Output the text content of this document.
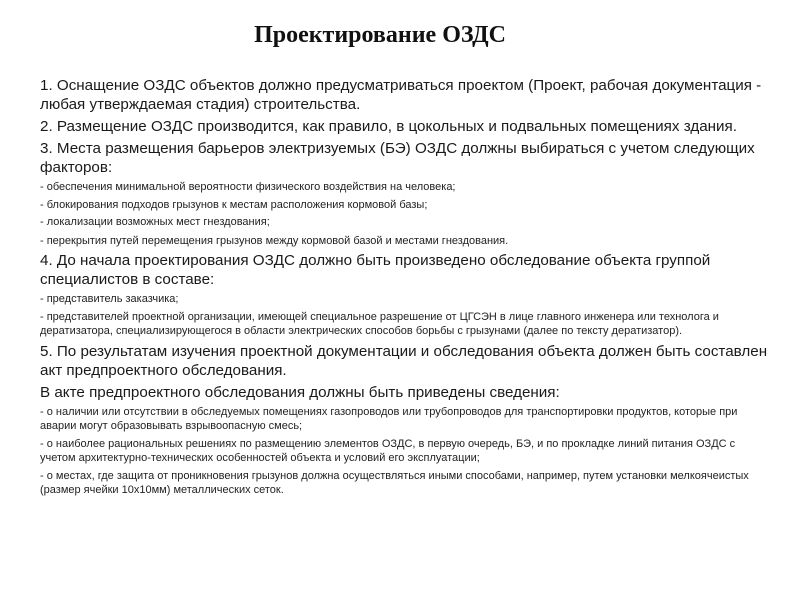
Проектирование ОЗДС

1. Оснащение ОЗДС объектов должно предусматриваться проектом (Проект, рабочая документация - любая утверждаемая стадия) строительства.

2. Размещение ОЗДС производится, как правило, в цокольных и подвальных помещениях здания.

3. Места размещения барьеров электризуемых (БЭ) ОЗДС должны выбираться с учетом следующих факторов:

- обеспечения минимальной вероятности физического воздействия на человека;

- блокирования подходов грызунов к местам расположения кормовой базы;

- локализации возможных мест гнездования;

- перекрытия путей перемещения грызунов между кормовой базой и местами гнездования.

4. До начала проектирования ОЗДС должно быть произведено обследование объекта группой специалистов в составе:

- представитель заказчика;

- представителей проектной организации, имеющей специальное разрешение от ЦГСЭН в лице главного инженера или технолога и дератизатора, специализирующегося в области электрических способов борьбы с грызунами (далее по тексту дератизатор).

5. По результатам изучения проектной документации и обследования объекта должен быть составлен акт предпроектного обследования.

В акте предпроектного обследования должны быть приведены сведения:

- о наличии или отсутствии в обследуемых помещениях газопроводов или трубопроводов для транспортировки продуктов, которые при аварии могут образовывать взрывоопасную смесь;

- о наиболее рациональных решениях по размещению элементов ОЗДС, в первую очередь, БЭ, и по прокладке линий питания ОЗДС с учетом архитектурно-технических особенностей объекта и условий его эксплуатации;

- о местах, где защита от проникновения грызунов должна осуществляться иными способами, например, путем установки мелкоячеистых (размер ячейки 10х10мм) металлических сеток.
